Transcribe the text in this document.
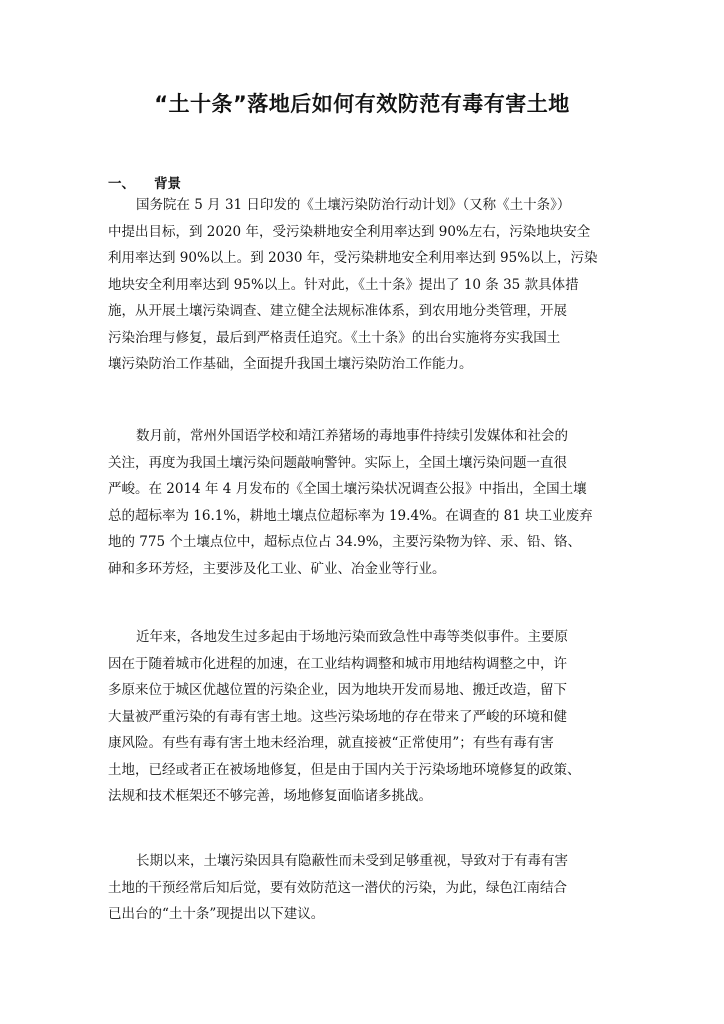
“土十条”落地后如何有效防范有毒有害土地
一、	背景

国务院在 5 月 31 日印发的《土壤污染防治行动计划》（又称《土十条》）
中提出目标，到 2020 年，受污染耕地安全利用率达到 90%左右，污染地块安全
利用率达到 90%以上。到 2030 年，受污染耕地安全利用率达到 95%以上，污染
地块安全利用率达到 95%以上。针对此，《土十条》提出了 10 条 35 款具体措
施，从开展土壤污染调查、建立健全法规标准体系，到农用地分类管理，开展
污染治理与修复，最后到严格责任追究。《土十条》的出台实施将夯实我国土
壤污染防治工作基础，全面提升我国土壤污染防治工作能力。

数月前，常州外国语学校和靖江养猪场的毒地事件持续引发媒体和社会的
关注，再度为我国土壤污染问题敲响警钟。实际上，全国土壤污染问题一直很
严峻。在 2014 年 4 月发布的《全国土壤污染状况调查公报》中指出，全国土壤
总的超标率为 16.1%，耕地土壤点位超标率为 19.4%。在调查的 81 块工业废弃
地的 775 个土壤点位中，超标点位占 34.9%，主要污染物为锌、汞、铅、铬、
砷和多环芳烃，主要涉及化工业、矿业、冶金业等行业。

近年来，各地发生过多起由于场地污染而致急性中毒等类似事件。主要原
因在于随着城市化进程的加速，在工业结构调整和城市用地结构调整之中，许
多原来位于城区优越位置的污染企业，因为地块开发而易地、搬迁改造，留下
大量被严重污染的有毒有害土地。这些污染场地的存在带来了严峻的环境和健
康风险。有些有毒有害土地未经治理，就直接被“正常使用”；有些有毒有害
土地，已经或者正在被场地修复，但是由于国内关于污染场地环境修复的政策、
法规和技术框架还不够完善，场地修复面临诸多挑战。

长期以来，土壤污染因具有隐蔽性而未受到足够重视，导致对于有毒有害
土地的干预经常后知后觉，要有效防范这一潜伏的污染，为此，绿色江南结合
已出台的“土十条”现提出以下建议。
